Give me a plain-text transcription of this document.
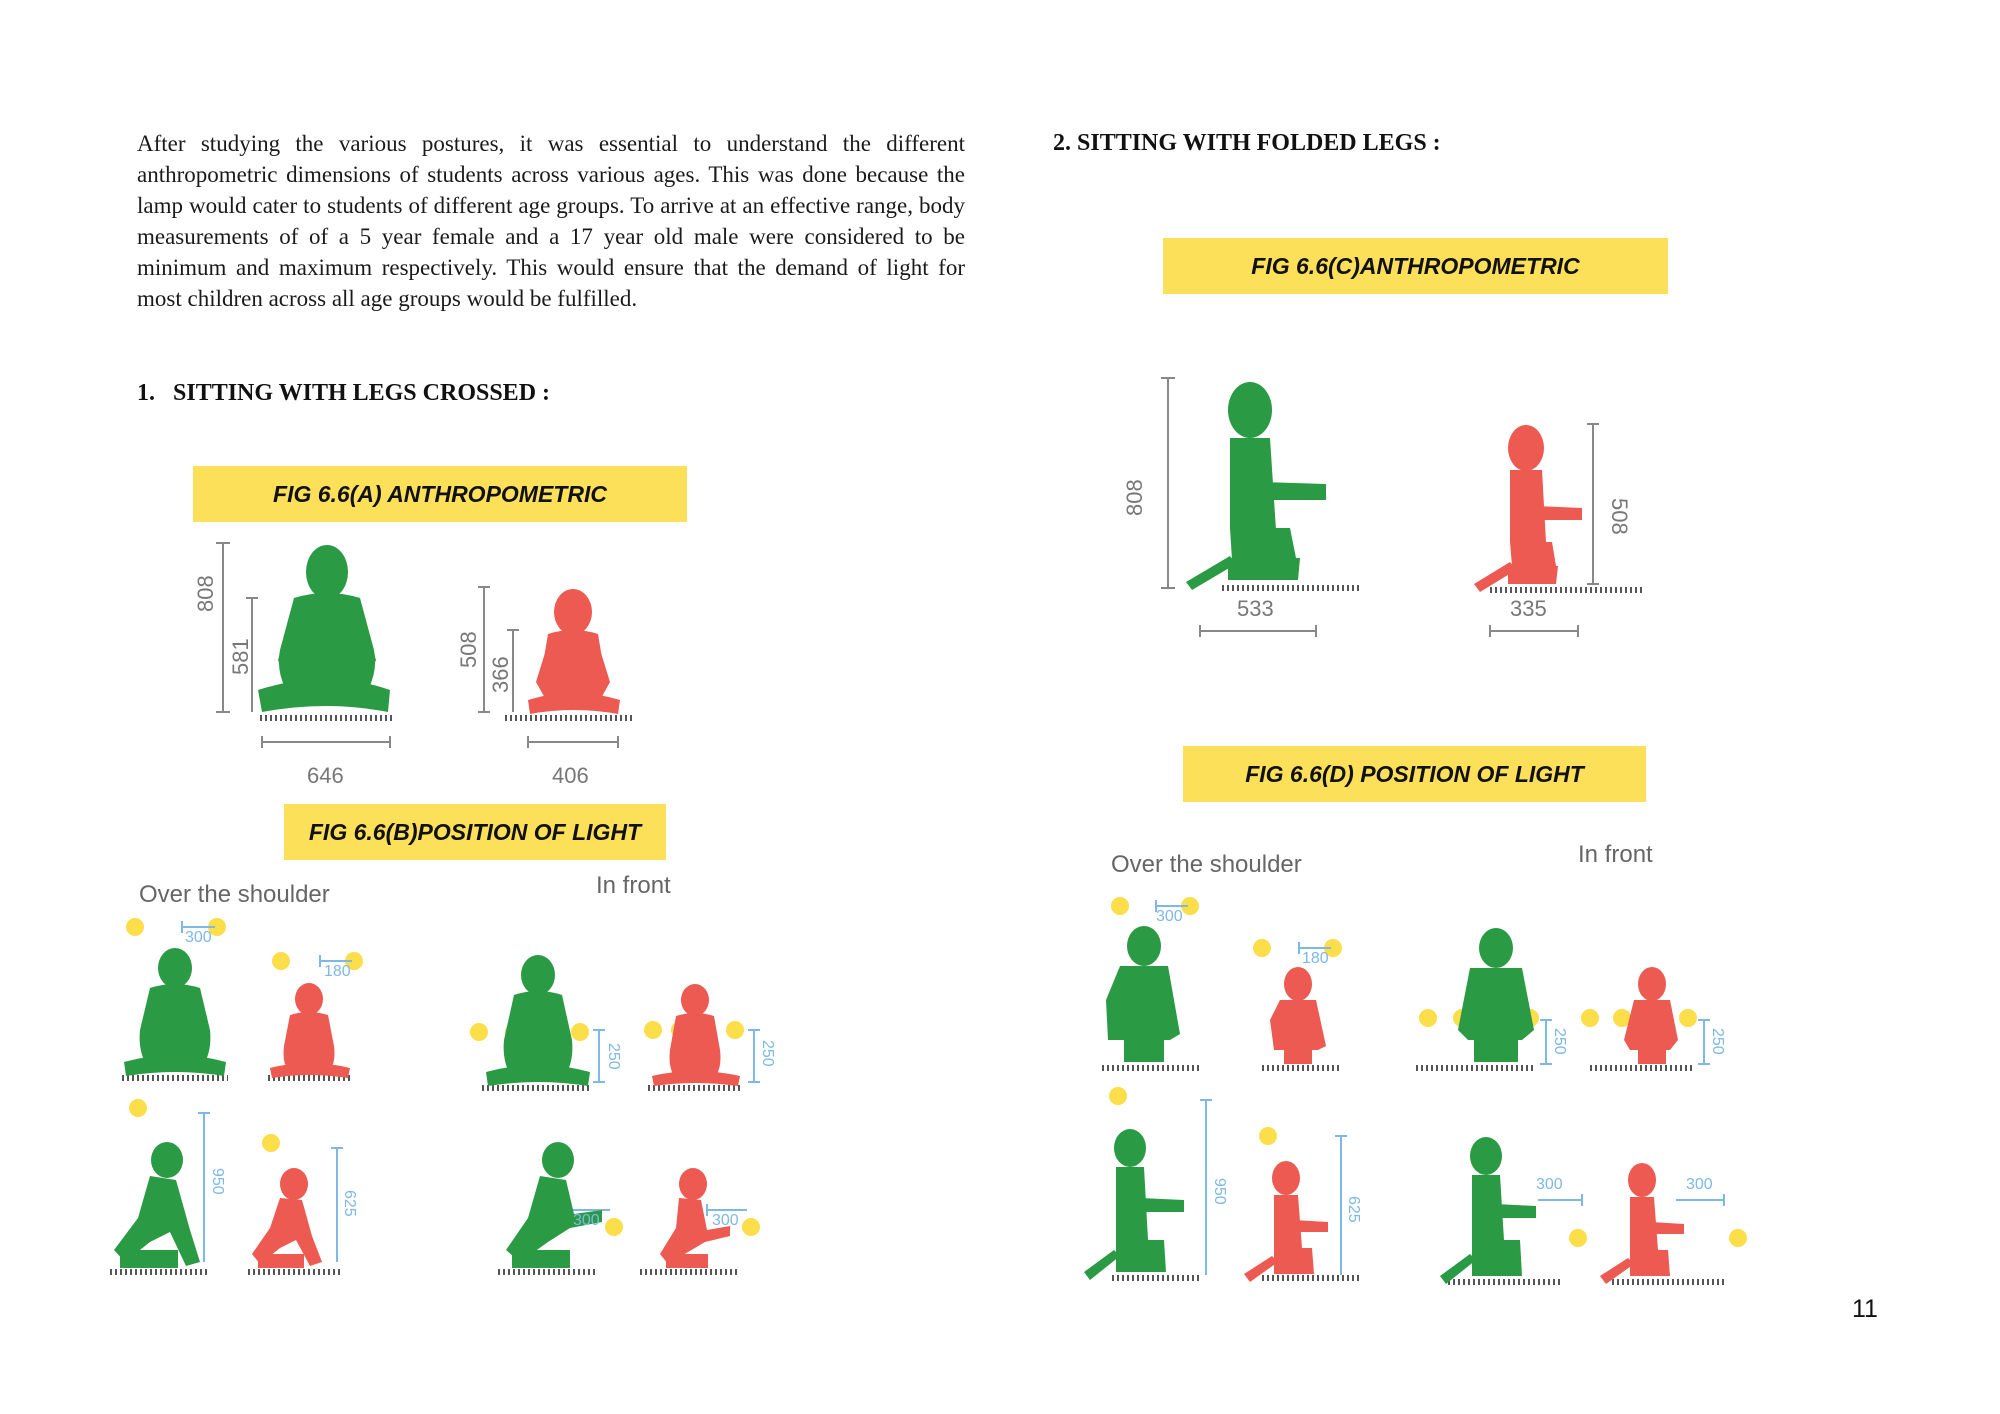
After studying the various postures, it was essential to understand the different anthropometric dimensions of students across various ages. This was done because the lamp would cater to students of different age groups. To arrive at an effective range, body measurements of of a 5 year female and a 17 year old male were considered to be minimum and maximum respectively. This would ensure that the demand of light for most children across all age groups would be fulfilled.

1.   SITTING WITH LEGS CROSSED :
FIG 6.6(A) ANTHROPOMETRIC
FIG 6.6(B)POSITION OF LIGHT
2. SITTING WITH FOLDED LEGS :
FIG 6.6(C)ANTHROPOMETRIC
FIG 6.6(D) POSITION OF LIGHT
11
808
581	508
366
646	406
Over the shoulder	In front
300
180
250	250
950
625
300	300
808
508
533	335
Over the shoulder	In front
300
180
250	250
950
625
300	300
